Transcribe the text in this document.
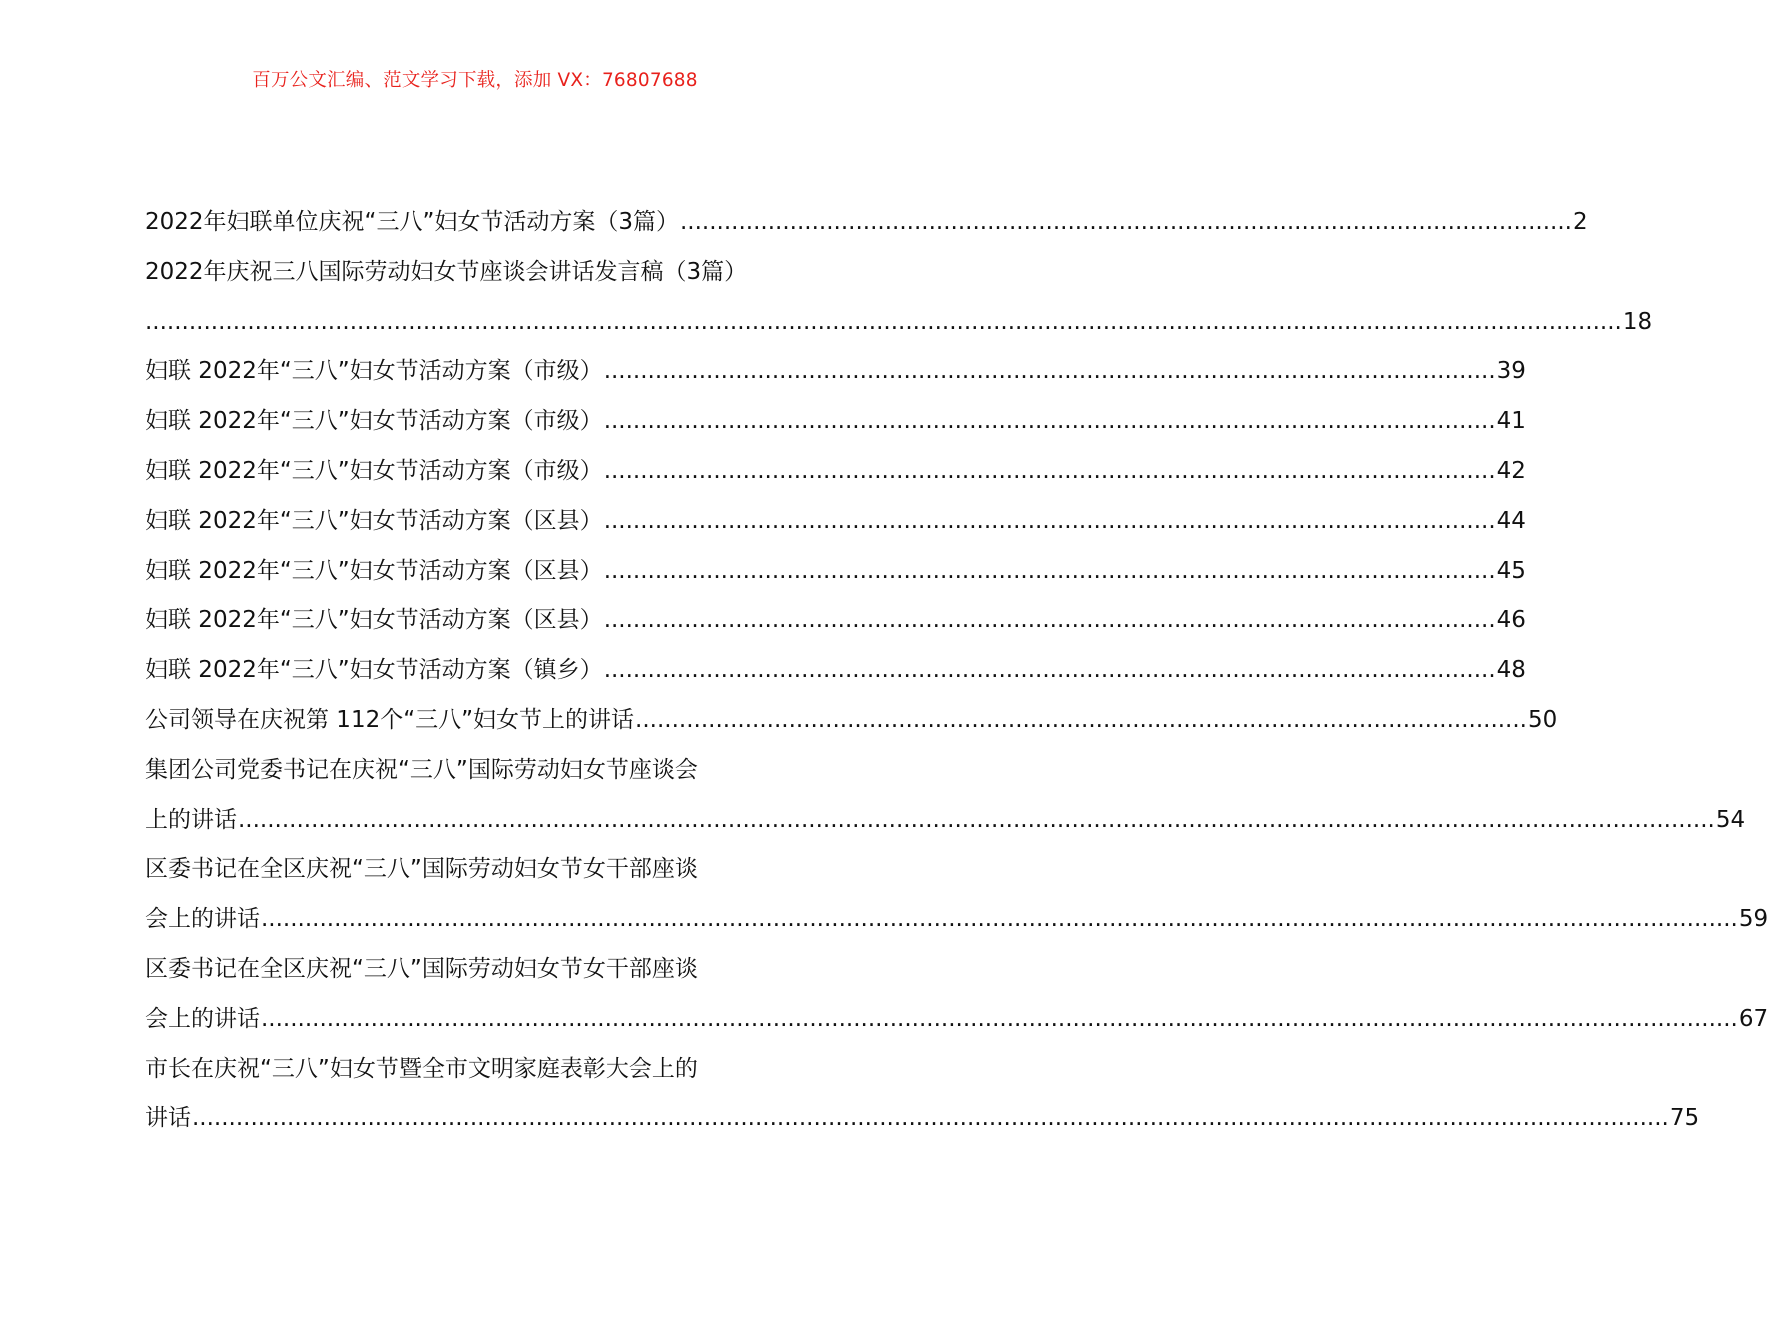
百万公文汇编、范文学习下载，添加 VX：76807688
2022年妇联单位庆祝“三八”妇女节活动方案（3篇） .......................................................................................................................... 2
2022年庆祝三八国际劳动妇女节座谈会讲话发言稿（3篇）
.......................................................................................................................................................................................................... 18
妇联 2022年“三八”妇女节活动方案（市级） .......................................................................................................................... 39
妇联 2022年“三八”妇女节活动方案（市级） .......................................................................................................................... 41
妇联 2022年“三八”妇女节活动方案（市级） .......................................................................................................................... 42
妇联 2022年“三八”妇女节活动方案（区县） .......................................................................................................................... 44
妇联 2022年“三八”妇女节活动方案（区县） .......................................................................................................................... 45
妇联 2022年“三八”妇女节活动方案（区县） .......................................................................................................................... 46
妇联 2022年“三八”妇女节活动方案（镇乡） .......................................................................................................................... 48
公司领导在庆祝第 112个“三八”妇女节上的讲话 .......................................................................................................................... 50
集团公司党委书记在庆祝“三八”国际劳动妇女节座谈会
上的讲话 .......................................................................................................................................................................................................... 54
区委书记在全区庆祝“三八”国际劳动妇女节女干部座谈
会上的讲话 .......................................................................................................................................................................................................... 59
区委书记在全区庆祝“三八”国际劳动妇女节女干部座谈
会上的讲话 .......................................................................................................................................................................................................... 67
市长在庆祝“三八”妇女节暨全市文明家庭表彰大会上的
讲话 .......................................................................................................................................................................................................... 75
